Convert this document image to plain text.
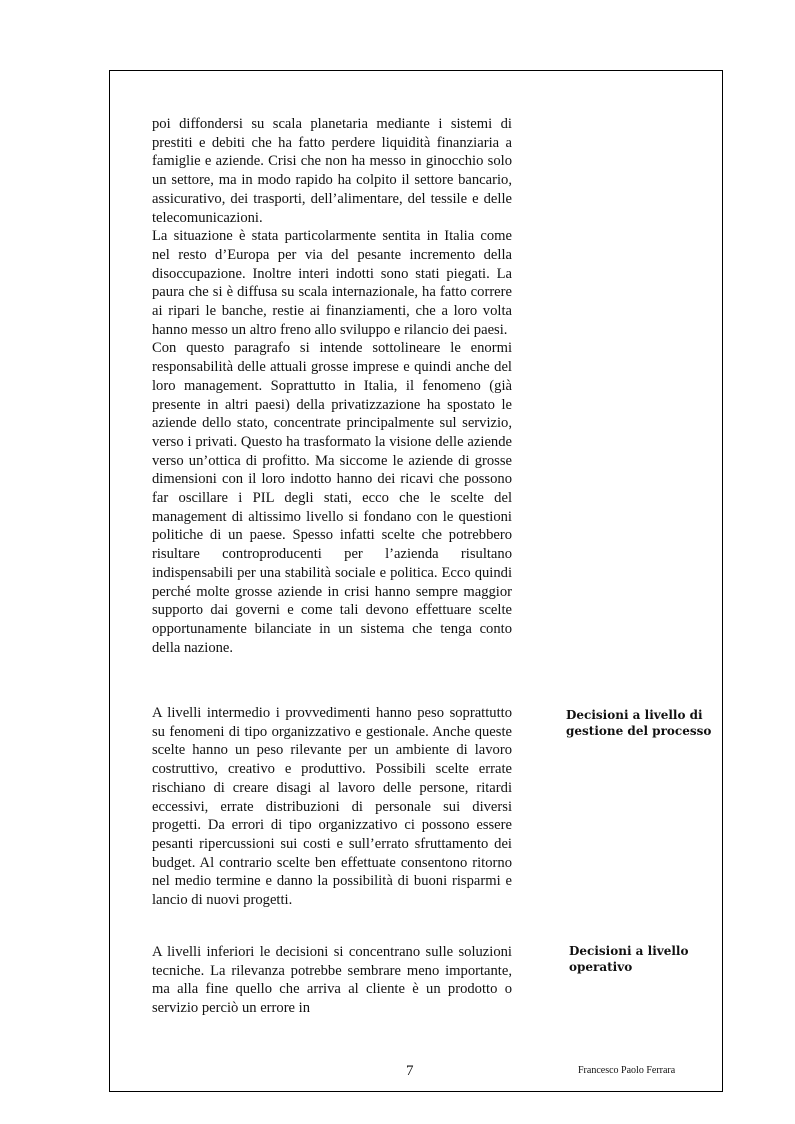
poi diffondersi su scala planetaria mediante i sistemi di prestiti e debiti che ha fatto perdere liquidità finanziaria a famiglie e aziende. Crisi che non ha messo in ginocchio solo un settore, ma in modo rapido ha colpito il settore bancario, assicurativo, dei trasporti, dell’alimentare, del tessile e delle telecomunicazioni.

La situazione è stata particolarmente sentita in Italia come nel resto d’Europa per via del pesante incremento della disoccupazione. Inoltre interi indotti sono stati piegati. La paura che si è diffusa su scala internazionale, ha fatto correre ai ripari le banche, restie ai finanziamenti, che a loro volta hanno messo un altro freno allo sviluppo e rilancio dei paesi.

Con questo paragrafo si intende sottolineare le enormi responsabilità delle attuali grosse imprese e quindi anche del loro management. Soprattutto in Italia, il fenomeno (già presente in altri paesi) della privatizzazione ha spostato le aziende dello stato, concentrate principalmente sul servizio, verso i privati. Questo ha trasformato la visione delle aziende verso un’ottica di profitto. Ma siccome le aziende di grosse dimensioni con il loro indotto hanno dei ricavi che possono far oscillare i PIL degli stati, ecco che le scelte del management di altissimo livello si fondano con le questioni politiche di un paese. Spesso infatti scelte che potrebbero risultare controproducenti per l’azienda risultano indispensabili per una stabilità sociale e politica. Ecco quindi perché molte grosse aziende in crisi hanno sempre maggior supporto dai governi e come tali devono effettuare scelte opportunamente bilanciate in un sistema che tenga conto della nazione.

A livelli intermedio i provvedimenti hanno peso soprattutto su fenomeni di tipo organizzativo e gestionale. Anche queste scelte hanno un peso rilevante per un ambiente di lavoro costruttivo, creativo e produttivo. Possibili scelte errate rischiano di creare disagi al lavoro delle persone, ritardi eccessivi, errate distribuzioni di personale sui diversi progetti. Da errori di tipo organizzativo ci possono essere pesanti ripercussioni sui costi e sull’errato sfruttamento dei budget. Al contrario scelte ben effettuate consentono ritorno nel medio termine e danno la possibilità di buoni risparmi e lancio di nuovi progetti.

A livelli inferiori le decisioni si concentrano sulle soluzioni tecniche. La rilevanza potrebbe sembrare meno importante, ma alla fine quello che arriva al cliente è un prodotto o servizio perciò un errore in

Decisioni a livello di
gestione del processo
Decisioni a livello
operativo
7	Francesco Paolo Ferrara
